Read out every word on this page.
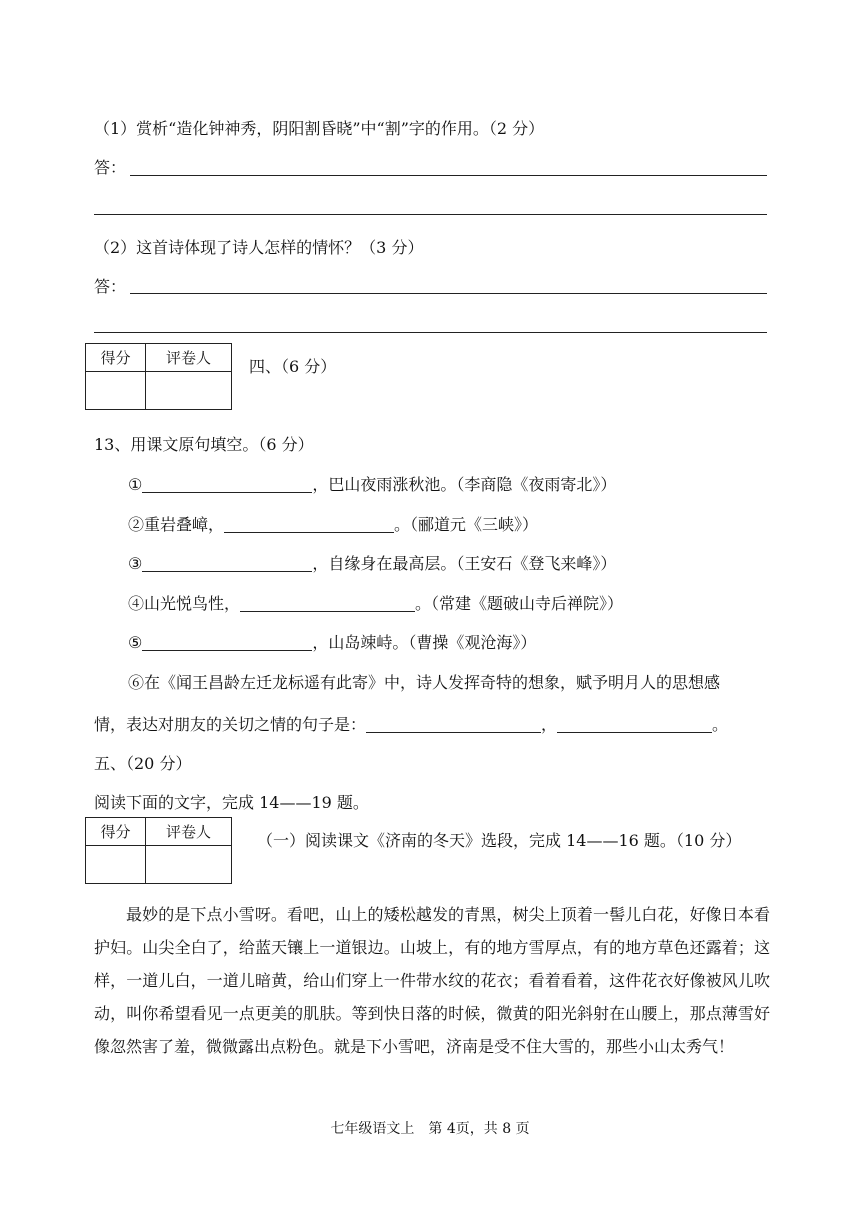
（1）赏析“造化钟神秀，阴阳割昏晓”中“割”字的作用。（2 分）
答：
（2）这首诗体现了诗人怎样的情怀？（3 分）
答：
得分	评卷人
	四、（6 分）
13、用课文原句填空。（6 分）
①	，巴山夜雨涨秋池。（李商隐《夜雨寄北》）
②重岩叠嶂，	。（郦道元《三峡》）
③	，自缘身在最高层。（王安石《登飞来峰》）
④山光悦鸟性，	。（常建《题破山寺后禅院》）
⑤	，山岛竦峙。（曹操《观沧海》）
⑥在《闻王昌龄左迁龙标遥有此寄》中，诗人发挥奇特的想象，赋予明月人的思想感
情，表达对朋友的关切之情的句子是：	，	。
五、（20 分）
阅读下面的文字，完成 14——19 题。
得分	评卷人
		（一）阅读课文《济南的冬天》选段，完成 14——16 题。（10 分）
最妙的是下点小雪呀。看吧，山上的矮松越发的青黑，树尖上顶着一髻儿白花，好像日本看护妇。山尖全白了，给蓝天镶上一道银边。山坡上，有的地方雪厚点，有的地方草色还露着；这样，一道儿白，一道儿暗黄，给山们穿上一件带水纹的花衣；看着看着，这件花衣好像被风儿吹动，叫你希望看见一点更美的肌肤。等到快日落的时候，微黄的阳光斜射在山腰上，那点薄雪好像忽然害了羞，微微露出点粉色。就是下小雪吧，济南是受不住大雪的，那些小山太秀气！
七年级语文上　第 4页，共 8 页
